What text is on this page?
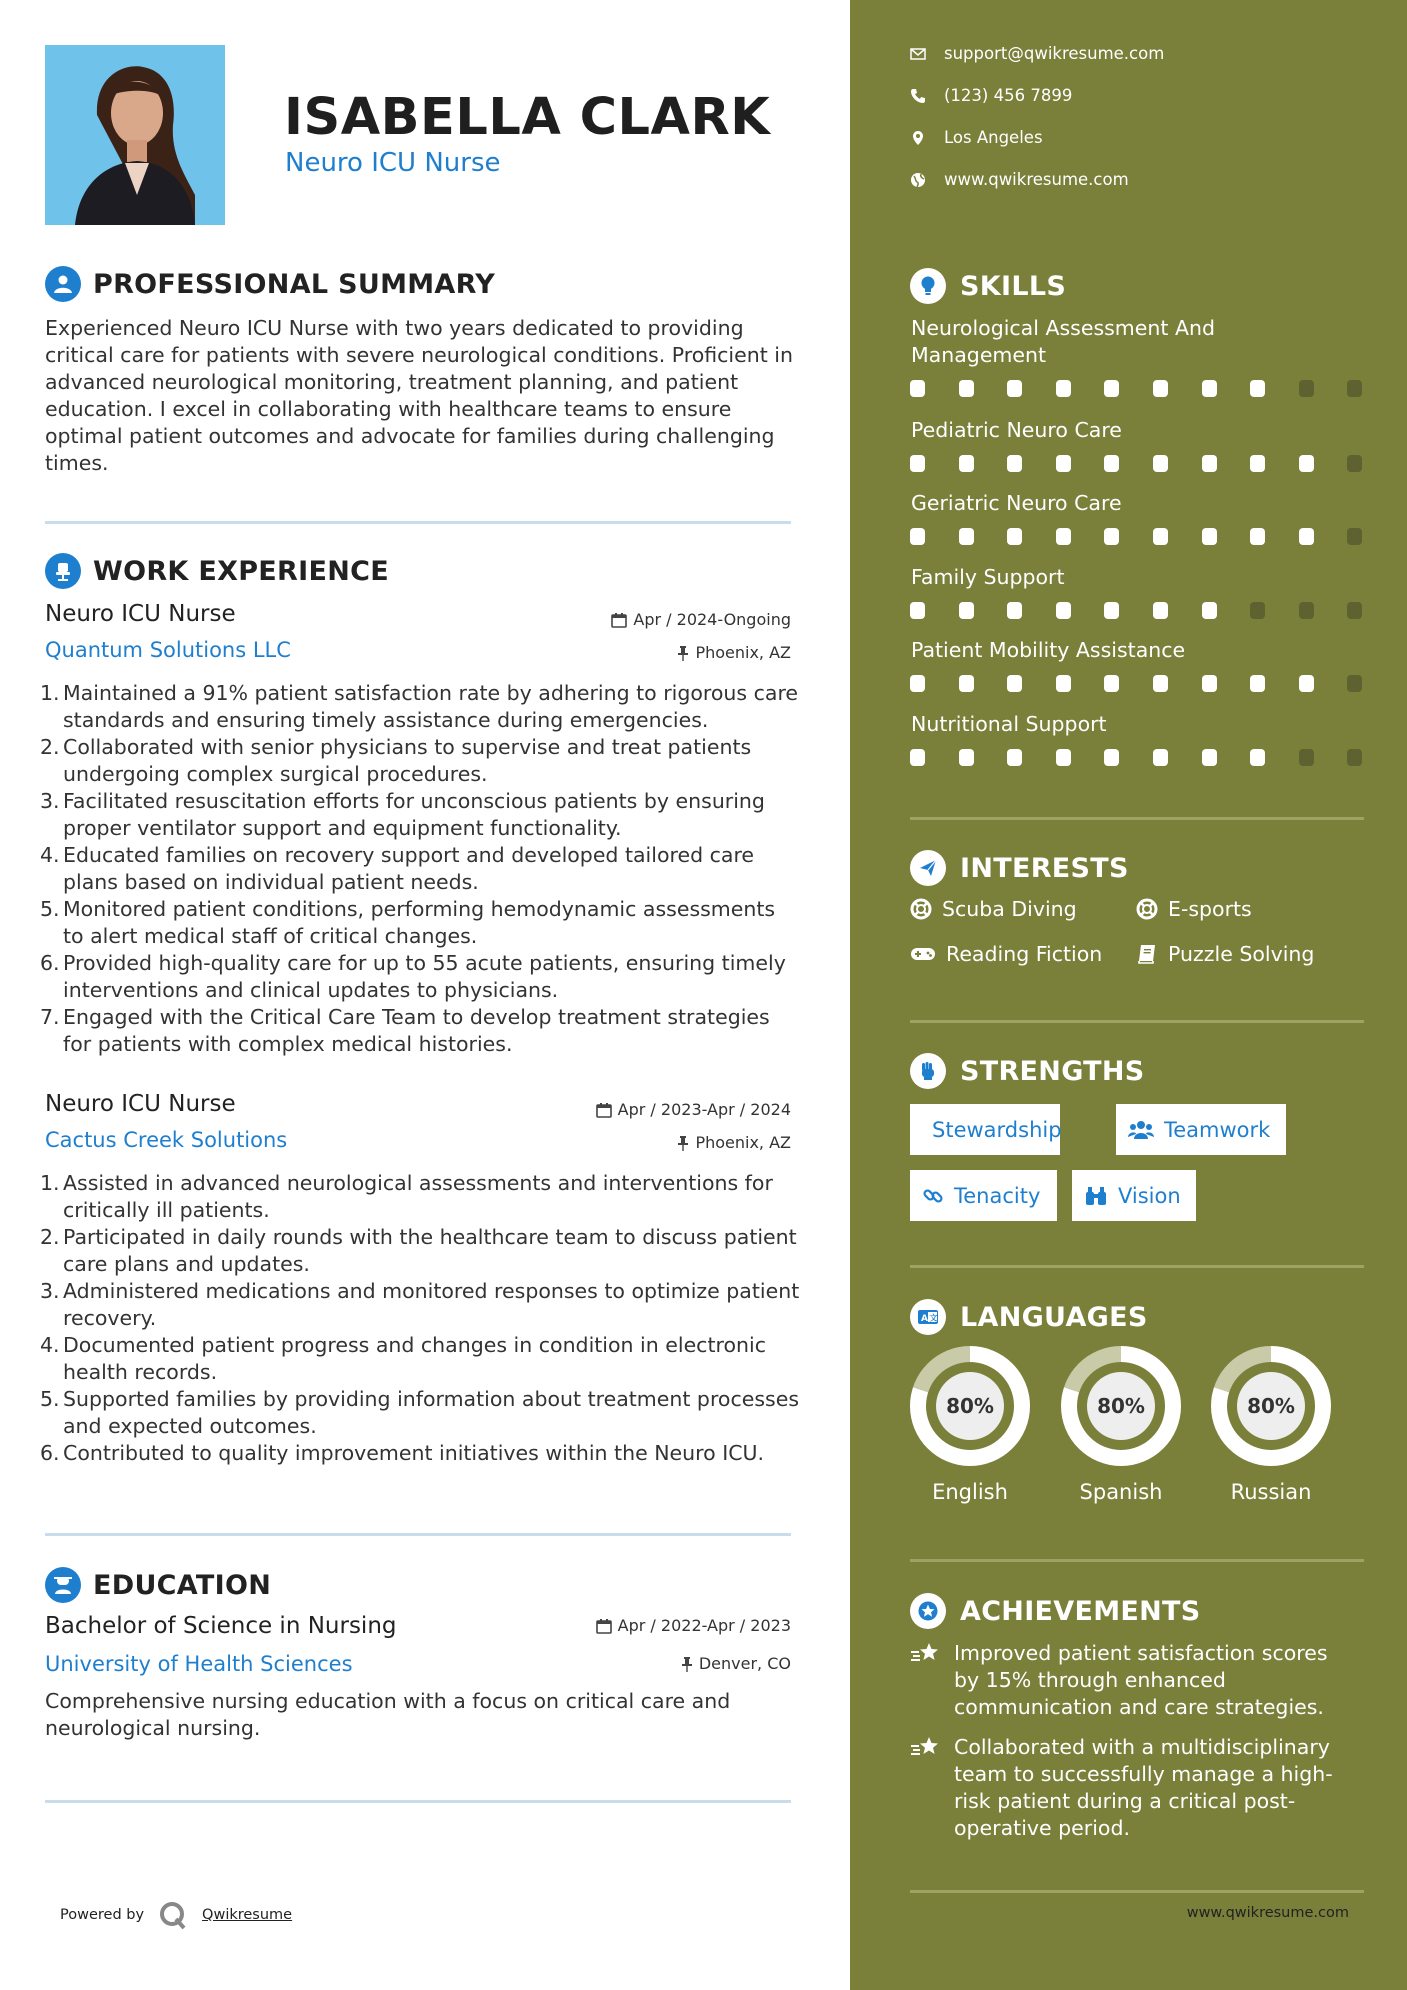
ISABELLA CLARK
Neuro ICU Nurse
PROFESSIONAL SUMMARY
Experienced Neuro ICU Nurse with two years dedicated to providing critical care for patients with severe neurological conditions. Proficient in advanced neurological monitoring, treatment planning, and patient education. I excel in collaborating with healthcare teams to ensure optimal patient outcomes and advocate for families during challenging times.
WORK EXPERIENCE
Neuro ICU Nurse	Apr / 2024-Ongoing
Quantum Solutions LLC	Phoenix, AZ
1. Maintained a 91% patient satisfaction rate by adhering to rigorous care standards and ensuring timely assistance during emergencies.
2. Collaborated with senior physicians to supervise and treat patients undergoing complex surgical procedures.
3. Facilitated resuscitation efforts for unconscious patients by ensuring proper ventilator support and equipment functionality.
4. Educated families on recovery support and developed tailored care plans based on individual patient needs.
5. Monitored patient conditions, performing hemodynamic assessments to alert medical staff of critical changes.
6. Provided high-quality care for up to 55 acute patients, ensuring timely interventions and clinical updates to physicians.
7. Engaged with the Critical Care Team to develop treatment strategies for patients with complex medical histories.
Neuro ICU Nurse	Apr / 2023-Apr / 2024
Cactus Creek Solutions	Phoenix, AZ
1. Assisted in advanced neurological assessments and interventions for critically ill patients.
2. Participated in daily rounds with the healthcare team to discuss patient care plans and updates.
3. Administered medications and monitored responses to optimize patient recovery.
4. Documented patient progress and changes in condition in electronic health records.
5. Supported families by providing information about treatment processes and expected outcomes.
6. Contributed to quality improvement initiatives within the Neuro ICU.
EDUCATION
Bachelor of Science in Nursing	Apr / 2022-Apr / 2023
University of Health Sciences	Denver, CO
Comprehensive nursing education with a focus on critical care and neurological nursing.
Powered by	Qwikresume
support@qwikresume.com
(123) 456 7899
Los Angeles
www.qwikresume.com
SKILLS
Neurological Assessment And Management
Pediatric Neuro Care
Geriatric Neuro Care
Family Support
Patient Mobility Assistance
Nutritional Support
INTERESTS
Scuba Diving	E-sports
Reading Fiction	Puzzle Solving
STRENGTHS
Stewardship	Teamwork
Tenacity	Vision
A 文 LANGUAGES
80%
English
80%
Spanish
80%
Russian
ACHIEVEMENTS
Improved patient satisfaction scores by 15% through enhanced communication and care strategies.
Collaborated with a multidisciplinary team to successfully manage a high-risk patient during a critical post-operative period.
www.qwikresume.com
